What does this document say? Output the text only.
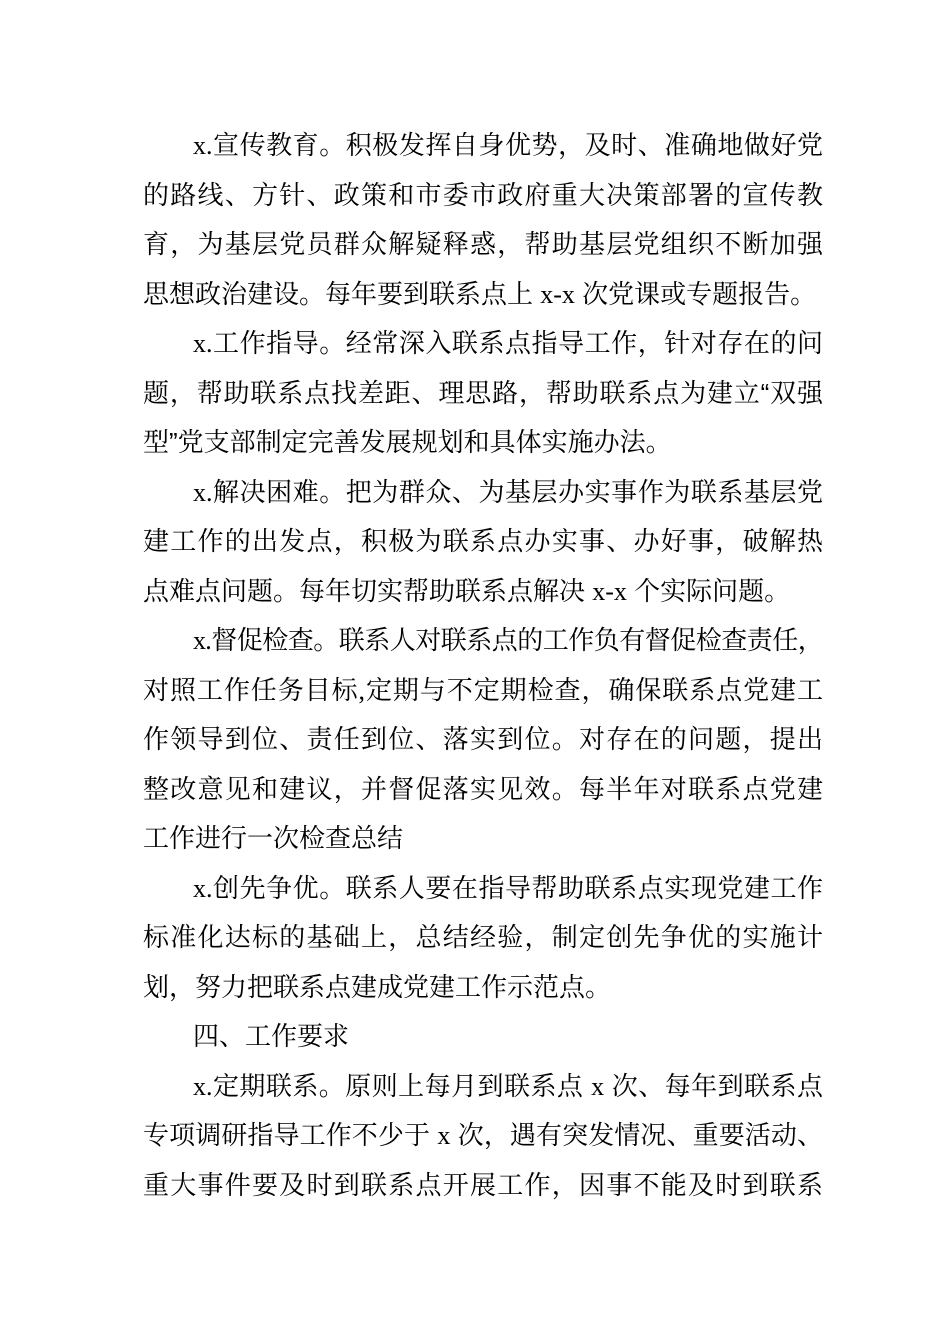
x.宣传教育。积极发挥自身优势，及时、准确地做好党
的路线、方针、政策和市委市政府重大决策部署的宣传教
育，为基层党员群众解疑释惑，帮助基层党组织不断加强
思想政治建设。每年要到联系点上 x-x 次党课或专题报告。
x.工作指导。经常深入联系点指导工作，针对存在的问
题，帮助联系点找差距、理思路，帮助联系点为建立“双强
型”党支部制定完善发展规划和具体实施办法。
x.解决困难。把为群众、为基层办实事作为联系基层党
建工作的出发点，积极为联系点办实事、办好事，破解热
点难点问题。每年切实帮助联系点解决 x-x 个实际问题。
x.督促检查。联系人对联系点的工作负有督促检查责任，
对照工作任务目标,定期与不定期检查，确保联系点党建工
作领导到位、责任到位、落实到位。对存在的问题，提出
整改意见和建议，并督促落实见效。每半年对联系点党建
工作进行一次检查总结
x.创先争优。联系人要在指导帮助联系点实现党建工作
标准化达标的基础上，总结经验，制定创先争优的实施计
划，努力把联系点建成党建工作示范点。
四、工作要求
x.定期联系。原则上每月到联系点 x 次、每年到联系点
专项调研指导工作不少于 x 次，遇有突发情况、重要活动、
重大事件要及时到联系点开展工作，因事不能及时到联系
